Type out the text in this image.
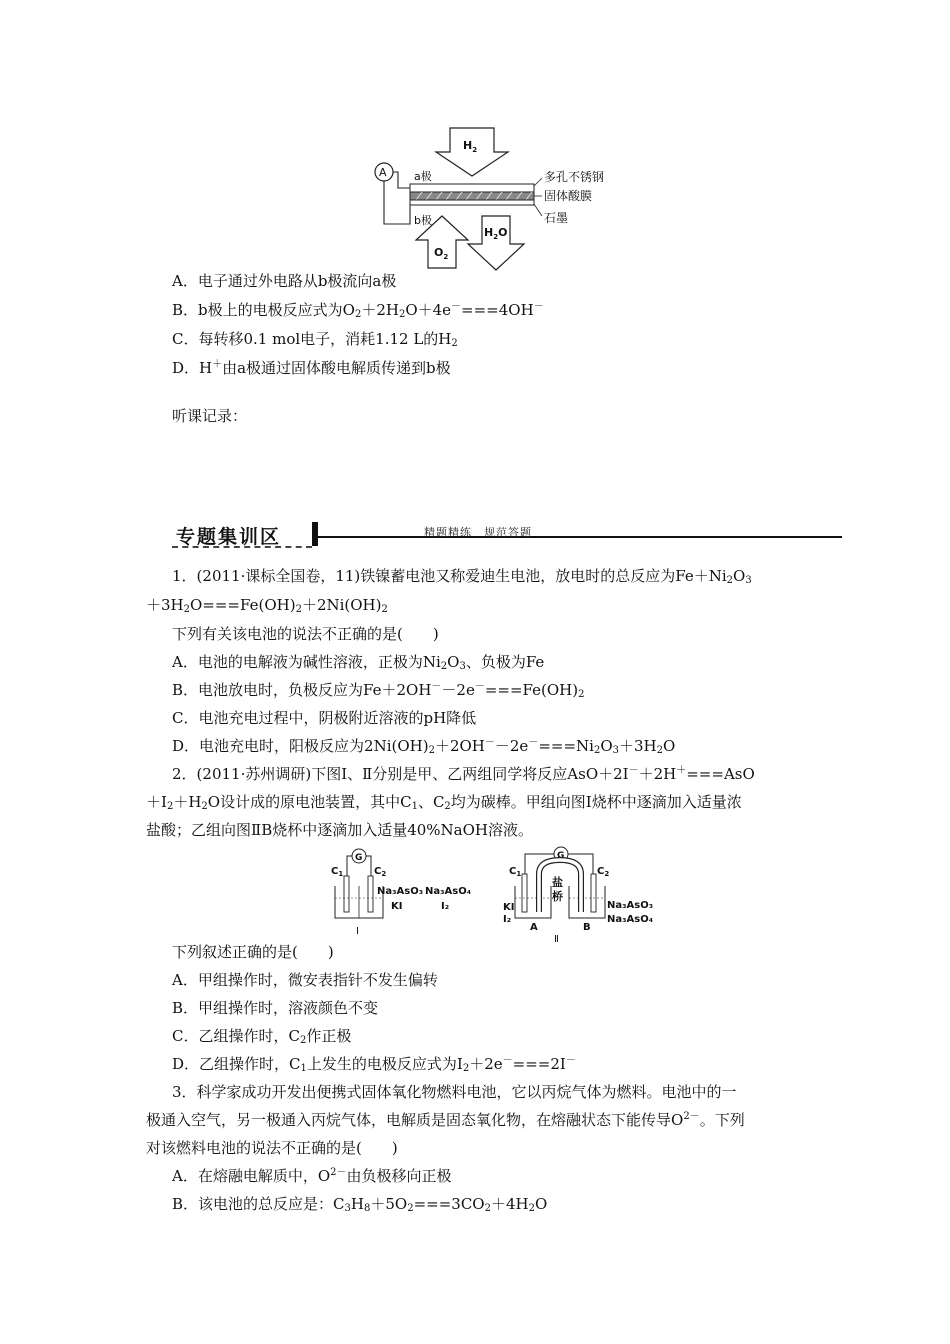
$H_2$
A a极	多孔不锈钢
固体酸膜
石墨
b极
$O_2$
$H_2O$
A．电子通过外电路从b极流向a极
B．b极上的电极反应式为$O_2+2H_2O+4e^-===4OH^-$
C．每转移0.1 mol电子，消耗1.12 L的$H_2$
D．H＋由a极通过固体酸电解质传递到b极
听课记录：
专题集训区	精题精练　规范答题
1．(2011·课标全国卷，11)铁镍蓄电池又称爱迪生电池，放电时的总反应为$Fe+Ni_2O_3$
$+3H_2O===Fe(OH)_2+2Ni(OH)_2$
下列有关该电池的说法不正确的是(　　)
A．电池的电解液为碱性溶液，正极为$Ni_2O_3$、负极为Fe
B．电池放电时，负极反应为$Fe+2OH^--2e^-===Fe(OH)_2$
C．电池充电过程中，阴极附近溶液的pH降低
D．电池充电时，阳极反应为$2Ni(OH)_2+2OH^--2e^-===Ni_2O_3+3H_2O$
2．(2011·苏州调研)下图Ⅰ、Ⅱ分别是甲、乙两组同学将反应AsO＋2I－＋2H＋===AsO
$+I_2+H_2O$设计成的原电池装置，其中$C_1$、$C_2$均为碳棒。甲组向图Ⅰ烧杯中逐滴加入适量浓
盐酸；乙组向图ⅡB烧杯中逐滴加入适量40%NaOH溶液。
G
$C_1$	$C_2$
Na₃AsO₃ Na₃AsO₄
KI	I₂
I
G
$C_1$	$C_2$
盐
桥
KI
I₂
A	B
Na₃AsO₃
Na₃AsO₄
Ⅱ
下列叙述正确的是(　　)
A．甲组操作时，微安表指针不发生偏转
B．甲组操作时，溶液颜色不变
C．乙组操作时，$C_2$作正极
D．乙组操作时，$C_1$上发生的电极反应式为$I_2+2e^-===2I^-$
3．科学家成功开发出便携式固体氧化物燃料电池，它以丙烷气体为燃料。电池中的一
极通入空气，另一极通入丙烷气体，电解质是固态氧化物，在熔融状态下能传导$O^{2-}$。下列
对该燃料电池的说法不正确的是(　　)
A．在熔融电解质中，$O^{2-}$由负极移向正极
B．该电池的总反应是：$C_3H_8+5O_2===3CO_2+4H_2O$
